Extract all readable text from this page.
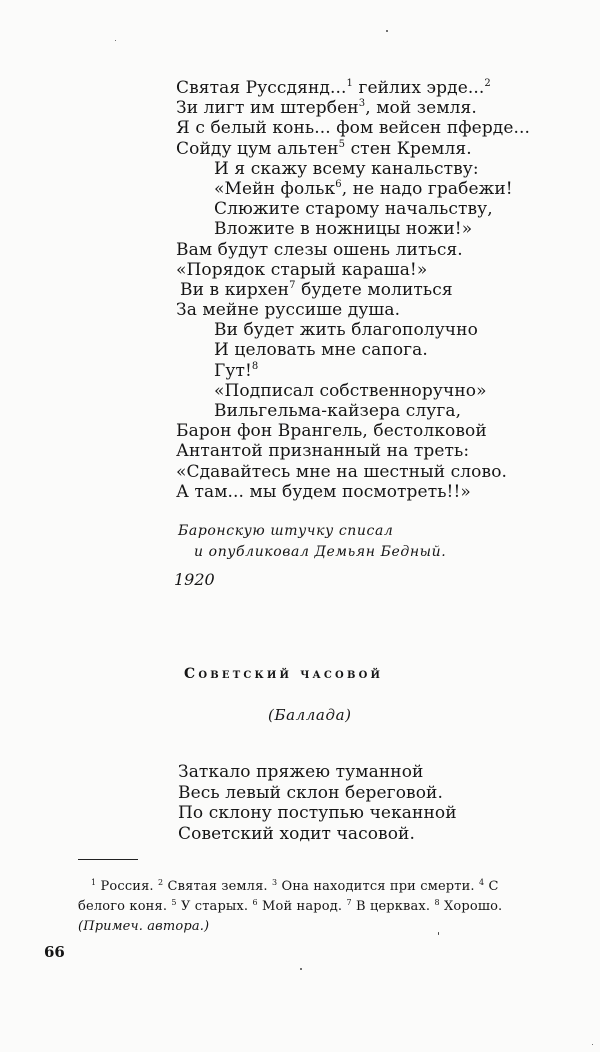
Святая Руссдянд...$^1$ гейлих эрде...$^2$
Зи лигт им штербен$^3$, мой земля.
Я с белый конь... фом вейсен пферде...
Сойду цум альтен$^5$ стен Кремля.
И я скажу всему канальству:
«Мейн фольк$^6$, не надо грабежи!
Слюжите старому начальству,
Вложите в ножницы ножи!»
Вам будут слезы ошень литься.
«Порядок старый караша!»
Ви в кирхен$^7$ будете молиться
За мейне руссише душа.
Ви будет жить благополучно
И целовать мне сапога.
Гут!$^8$
«Подписал собственноручно»
Вильгельма-кайзера слуга,
Барон фон Врангель, бестолковой
Антантой признанный на треть:
«Сдавайтесь мне на шестный слово.
А там... мы будем посмотреть!!»
Баронскую штучку списал
и опубликовал Демьян Бедный.
1920
Советский часовой
(Баллада)
Заткало пряжею туманной
Весь левый склон береговой.
По склону поступью чеканной
Советский ходит часовой.
$^1$ Россия. $^2$ Святая земля. $^3$ Она находится при смерти. $^4$ С белого коня. $^5$ У старых. $^6$ Мой народ. $^7$ В церквах. $^8$ Хорошо. (Примеч. автора.)
66
